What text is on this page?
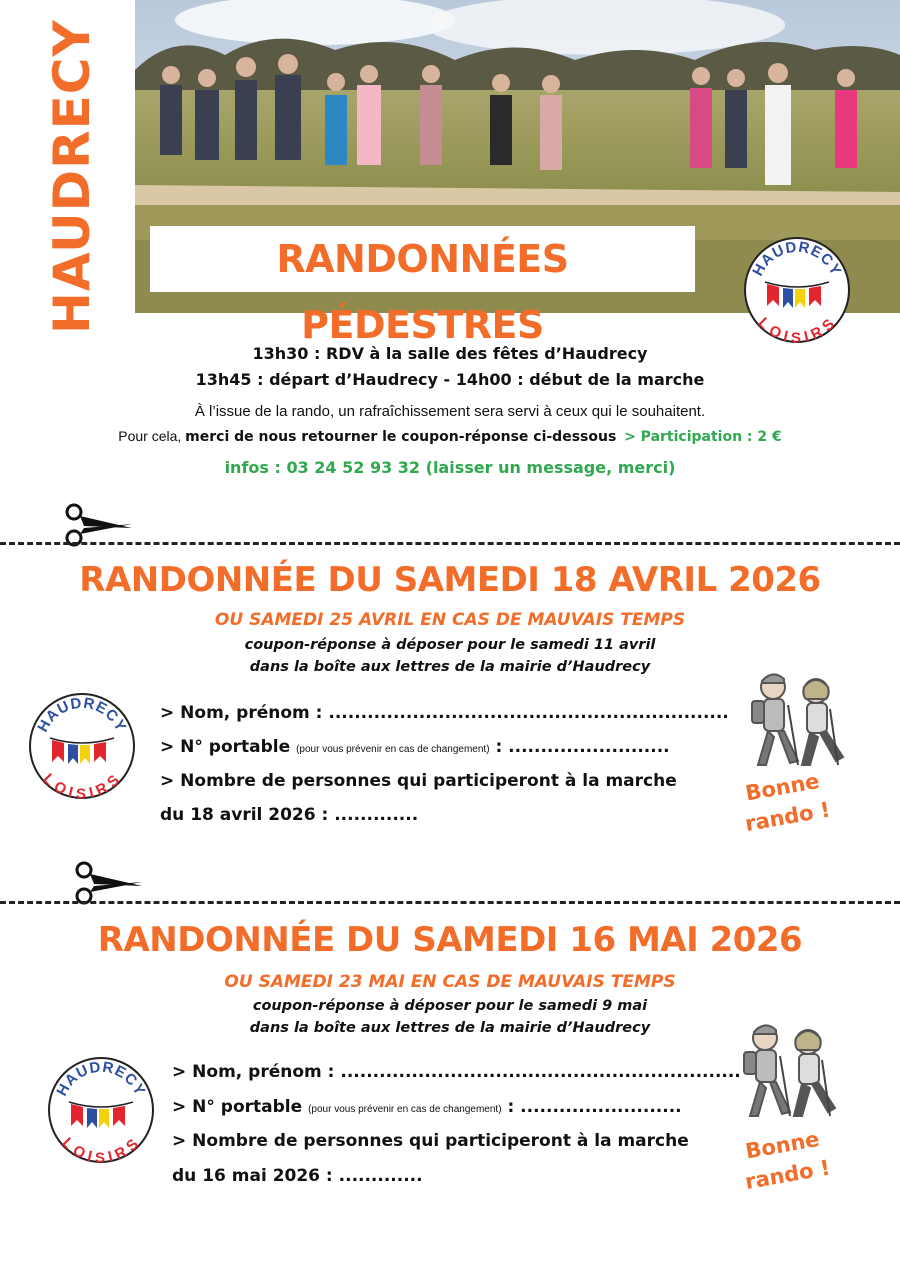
HAUDRECY	RANDONNÉES PÉDESTRES
HAUDRECY
LOISIRS
13h30 : RDV à la salle des fêtes d’Haudrecy
13h45 : départ d’Haudrecy - 14h00 : début de la marche
À l’issue de la rando, un rafraîchissement sera servi à ceux qui le souhaitent.
Pour cela, merci de nous retourner le coupon-réponse ci-dessous > Participation : 2 €
infos : 03 24 52 93 32 (laisser un message, merci)
RANDONNÉE DU SAMEDI 18 AVRIL 2026
OU SAMEDI 25 AVRIL EN CAS DE MAUVAIS TEMPS
coupon-réponse à déposer pour le samedi 11 avril
dans la boîte aux lettres de la mairie d’Haudrecy
HAUDRECY
LOISIRS
> Nom, prénom : ..............................................................
> N° portable (pour vous prévenir en cas de changement) : .........................
> Nombre de personnes qui participeront à la marche
du 18 avril 2026 : .............
Bonne
rando !
RANDONNÉE DU SAMEDI 16 MAI 2026
OU SAMEDI 23 MAI EN CAS DE MAUVAIS TEMPS
coupon-réponse à déposer pour le samedi 9 mai
dans la boîte aux lettres de la mairie d’Haudrecy
HAUDRECY
LOISIRS
> Nom, prénom : ..............................................................
> N° portable (pour vous prévenir en cas de changement) : .........................
> Nombre de personnes qui participeront à la marche
du 16 mai 2026 : .............
Bonne
rando !
